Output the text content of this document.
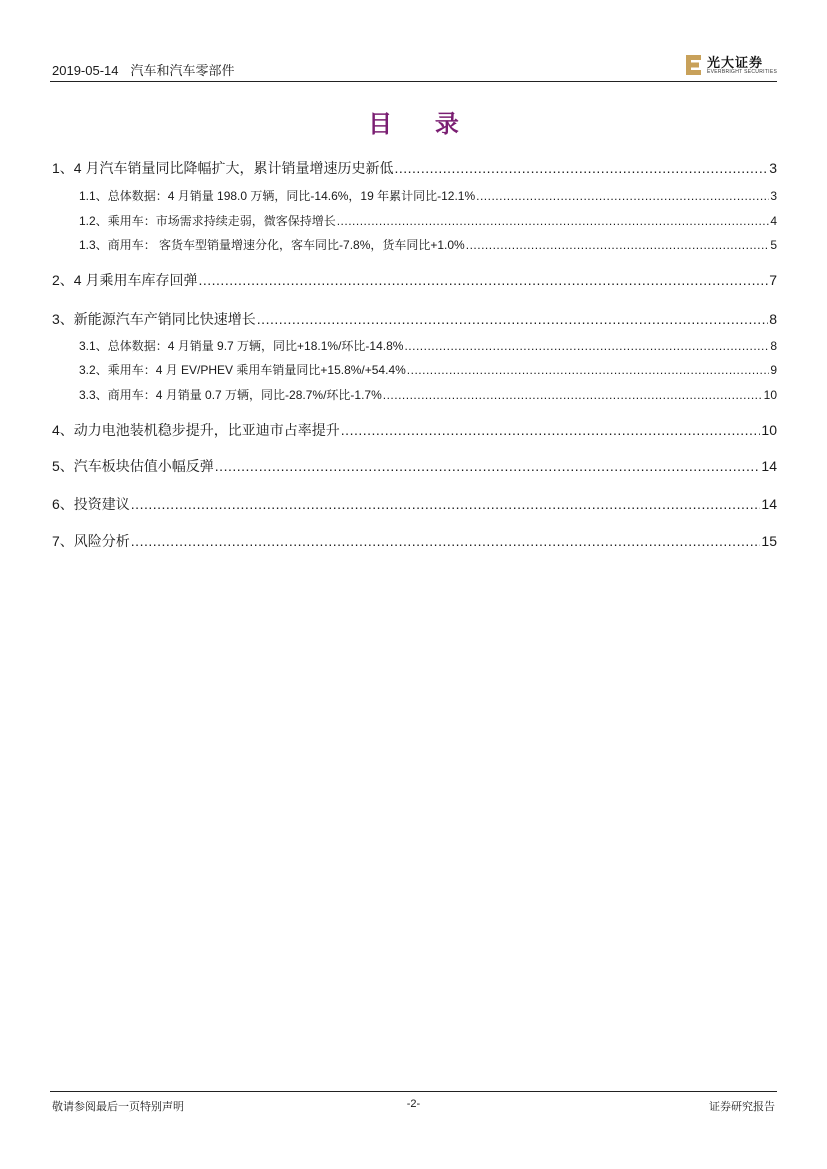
2019-05-14 汽车和汽车零部件	光大证券
EVERBRIGHT SECURITIES
目 录
1、 4 月汽车销量同比降幅扩大，累计销量增速历史新低 .....	3
1.1、 总体数据：4 月销量 198.0 万辆，同比-14.6%，19 年累计同比-12.1% .....	3
1.2、 乘用车：市场需求持续走弱，微客保持增长 .....	4
1.3、 商用车： 客货车型销量增速分化，客车同比-7.8%，货车同比+1.0% .....	5
2、 4 月乘用车库存回弹 .....	7
3、 新能源汽车产销同比快速增长 .....	8
3.1、 总体数据：4 月销量 9.7 万辆，同比+18.1%/环比-14.8% .....	8
3.2、 乘用车：4 月 EV/PHEV 乘用车销量同比+15.8%/+54.4% .....	9
3.3、 商用车：4 月销量 0.7 万辆，同比-28.7%/环比-1.7% .....	10
4、 动力电池装机稳步提升，比亚迪市占率提升 .....	10
5、 汽车板块估值小幅反弹 .....	14
6、 投资建议 .....	14
7、 风险分析 .....	15
敬请参阅最后一页特别声明	-2-	证券研究报告
